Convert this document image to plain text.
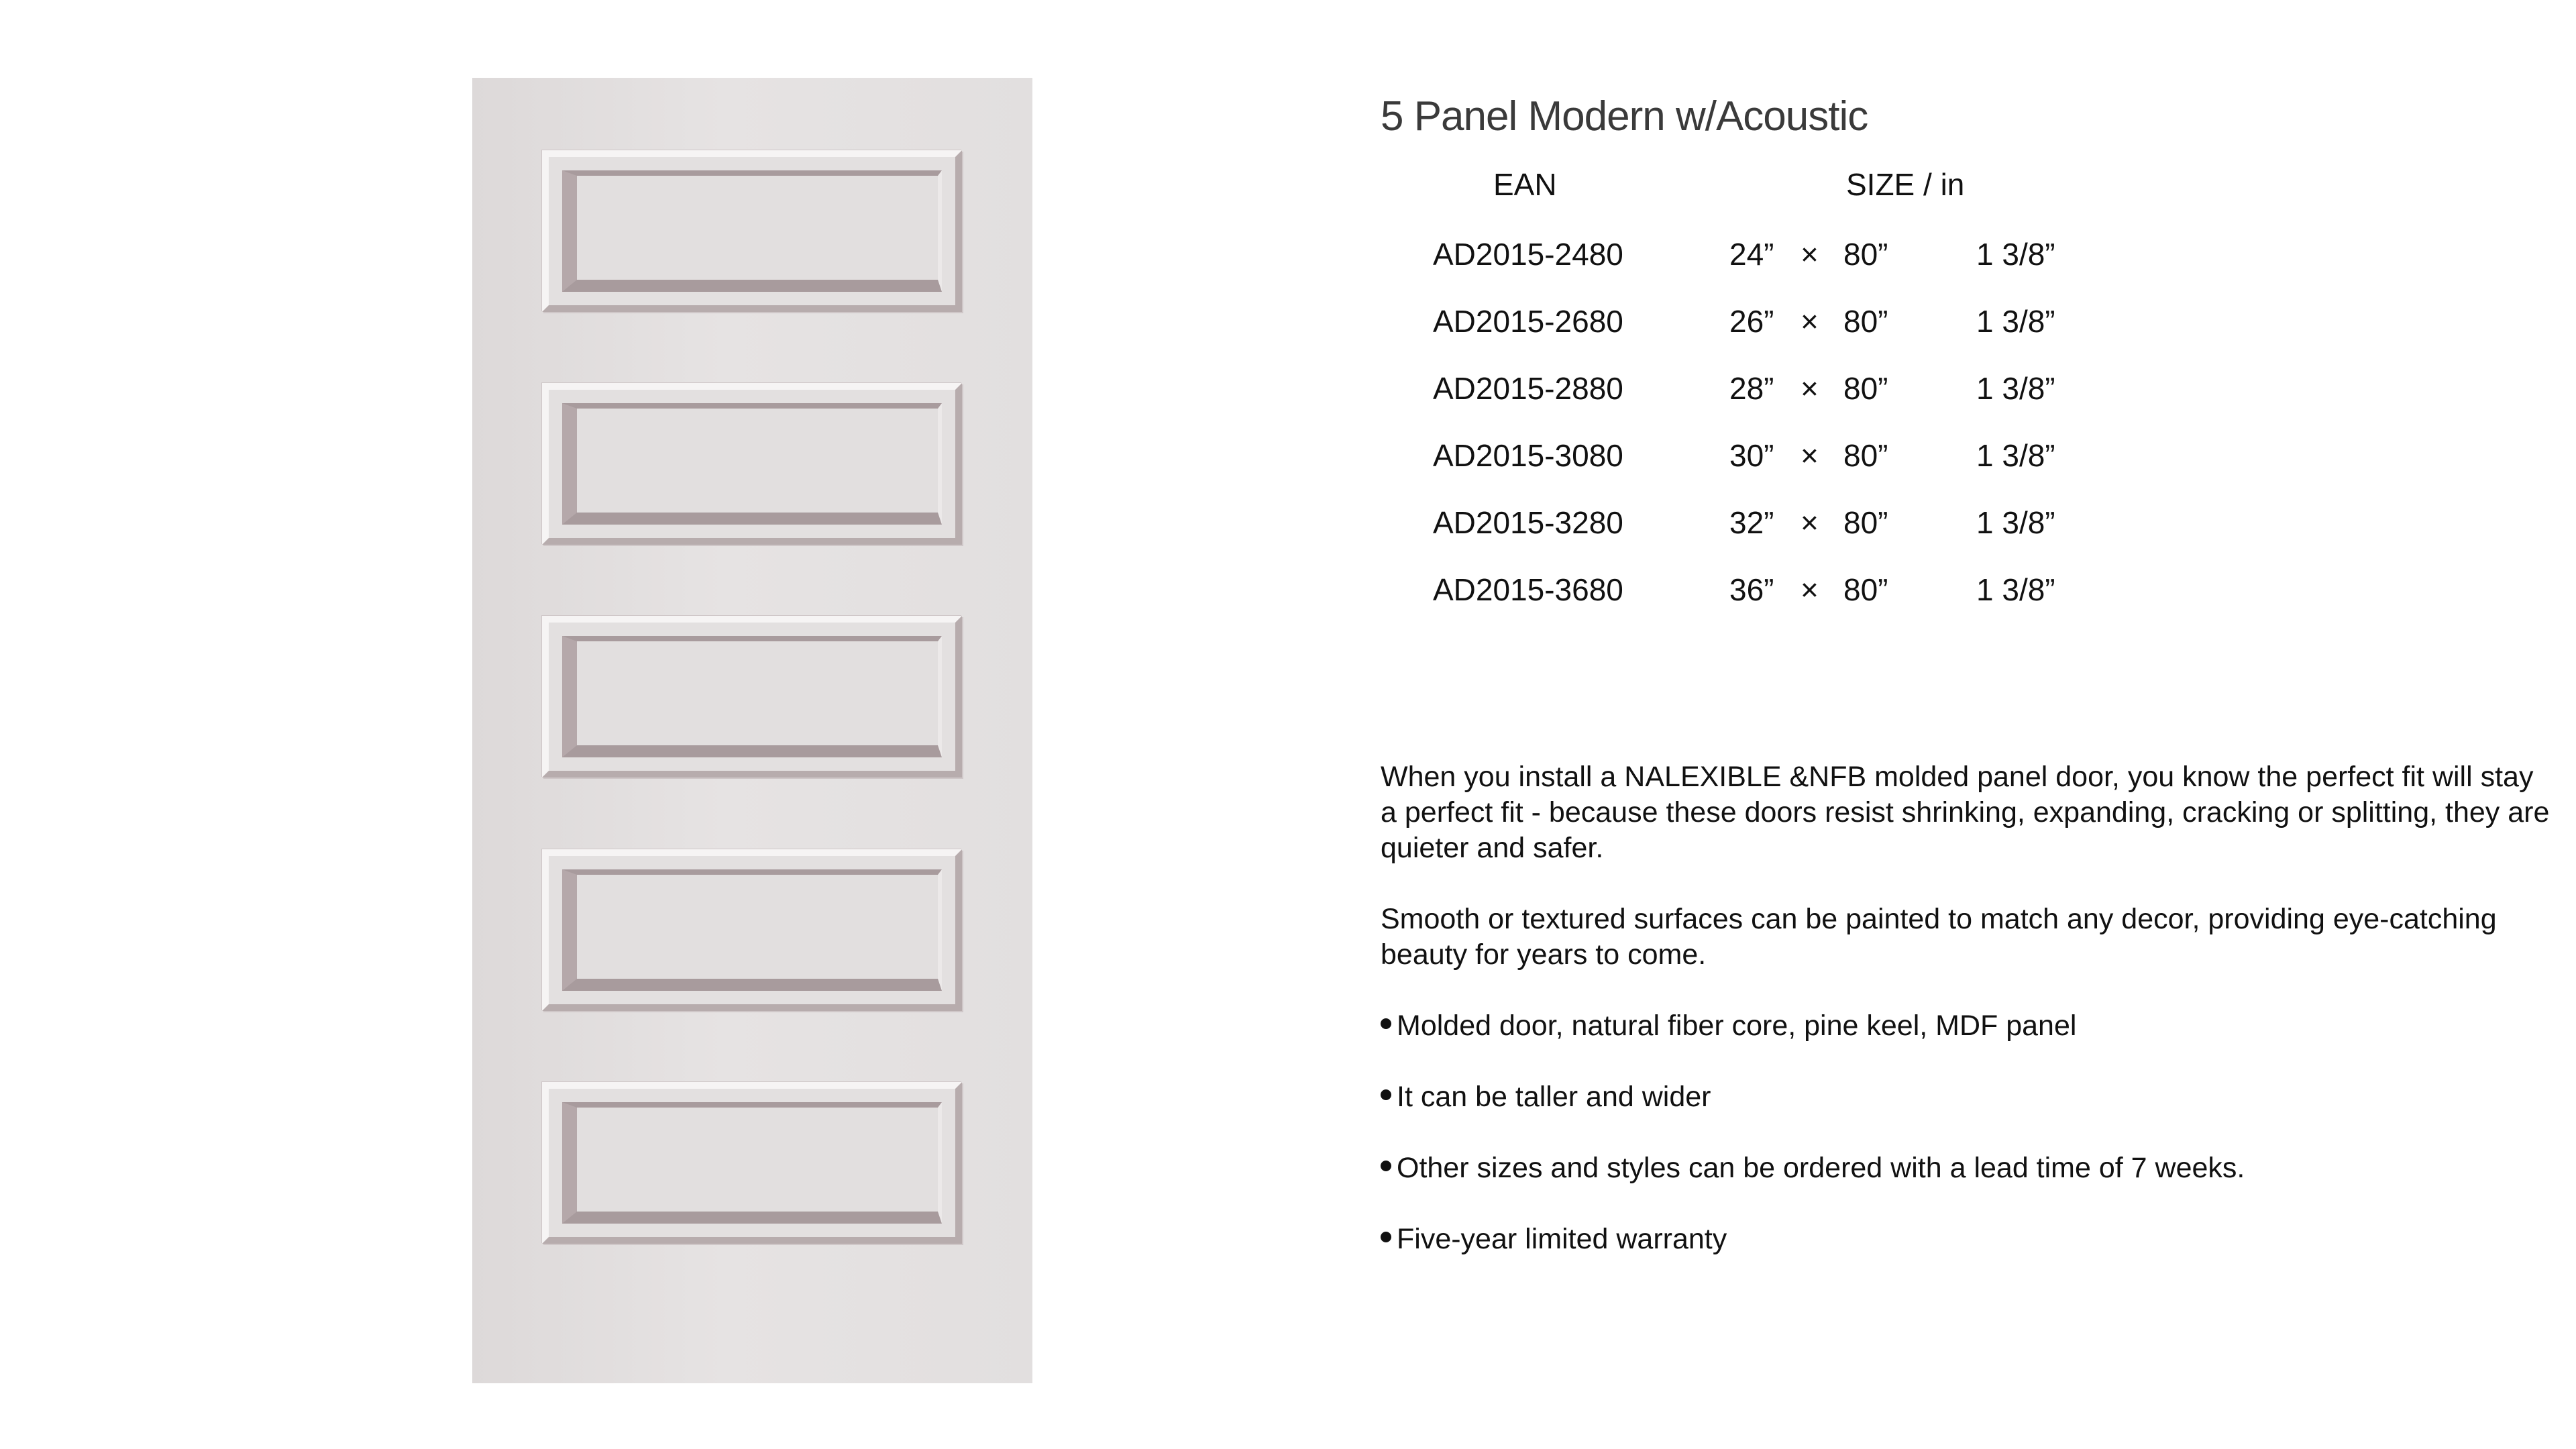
5 Panel Modern w/Acoustic
EAN	SIZE / in
AD2015-2480	24” × 80”	1 3/8”
AD2015-2680	26” × 80”	1 3/8”
AD2015-2880	28” × 80”	1 3/8”
AD2015-3080	30” × 80”	1 3/8”
AD2015-3280	32” × 80”	1 3/8”
AD2015-3680	36” × 80”	1 3/8”

When you install a NALEXIBLE &NFB molded panel door, you know the perfect fit will stay a perfect fit - because these doors resist shrinking, expanding, cracking or splitting, they are quieter and safer.

Smooth or textured surfaces can be painted to match any decor, providing eye-catching beauty for years to come.

Molded door, natural fiber core, pine keel, MDF panel
It can be taller and wider
Other sizes and styles can be ordered with a lead time of 7 weeks.
Five-year limited warranty
